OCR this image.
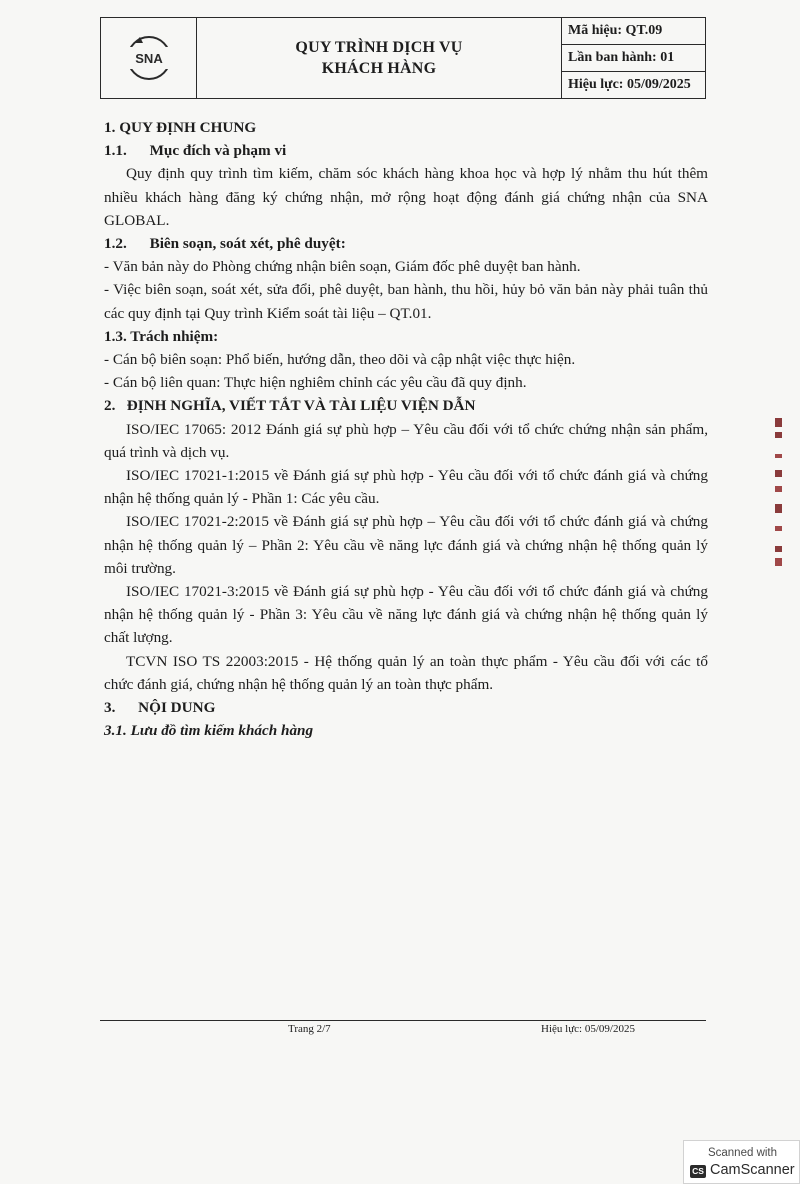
SNA
QUY TRÌNH DỊCH VỤ
KHÁCH HÀNG
Mã hiệu: QT.09
Lần ban hành: 01
Hiệu lực: 05/09/2025

1. QUY ĐỊNH CHUNG

1.1.      Mục đích và phạm vi

Quy định quy trình tìm kiếm, chăm sóc khách hàng khoa học và hợp lý nhằm thu hút thêm nhiều khách hàng đăng ký chứng nhận, mở rộng hoạt động đánh giá chứng nhận của SNA GLOBAL.

1.2.      Biên soạn, soát xét, phê duyệt:

- Văn bản này do Phòng chứng nhận biên soạn, Giám đốc phê duyệt ban hành.

- Việc biên soạn, soát xét, sửa đổi, phê duyệt, ban hành, thu hồi, hủy bỏ văn bản này phải tuân thủ các quy định tại Quy trình Kiểm soát tài liệu – QT.01.

1.3. Trách nhiệm:

- Cán bộ biên soạn: Phổ biến, hướng dẫn, theo dõi và cập nhật việc thực hiện.

- Cán bộ liên quan: Thực hiện nghiêm chỉnh các yêu cầu đã quy định.

2.   ĐỊNH NGHĨA, VIẾT TẮT VÀ TÀI LIỆU VIỆN DẪN

ISO/IEC 17065: 2012 Đánh giá sự phù hợp – Yêu cầu đối với tổ chức chứng nhận sản phẩm, quá trình và dịch vụ.

ISO/IEC 17021-1:2015 về Đánh giá sự phù hợp - Yêu cầu đối với tổ chức đánh giá và chứng nhận hệ thống quản lý - Phần 1: Các yêu cầu.

ISO/IEC 17021-2:2015 về Đánh giá sự phù hợp – Yêu cầu đối với tổ chức đánh giá và chứng nhận hệ thống quản lý – Phần 2: Yêu cầu về năng lực đánh giá và chứng nhận hệ thống quản lý môi trường.

ISO/IEC 17021-3:2015 về Đánh giá sự phù hợp - Yêu cầu đối với tổ chức đánh giá và chứng nhận hệ thống quản lý - Phần 3: Yêu cầu về năng lực đánh giá và chứng nhận hệ thống quản lý chất lượng.

TCVN ISO TS 22003:2015 - Hệ thống quản lý an toàn thực phẩm - Yêu cầu đối với các tổ chức đánh giá, chứng nhận hệ thống quản lý an toàn thực phẩm.

3.      NỘI DUNG

3.1. Lưu đồ tìm kiếm khách hàng

Trang 2/7	Hiệu lực: 05/09/2025
Scanned with
CS CamScanner
